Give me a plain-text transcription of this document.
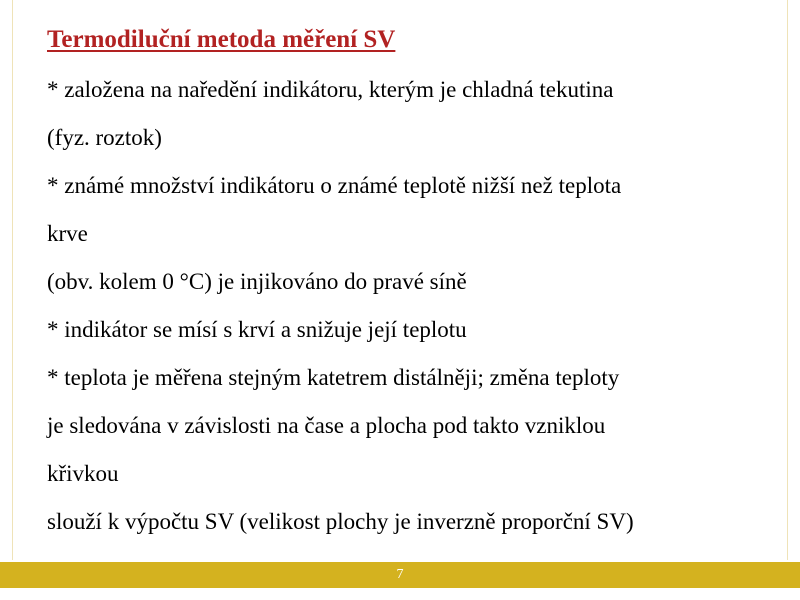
Termodiluční metoda měření SV
* založena na naředění indikátoru, kterým je chladná tekutina
(fyz. roztok)
* známé množství indikátoru o známé teplotě nižší než teplota
krve
(obv. kolem 0 °C) je injikováno do pravé síně
* indikátor se mísí s krví a snižuje její teplotu
* teplota je měřena stejným katetrem distálněji; změna teploty
je sledována v závislosti na čase a plocha pod takto vzniklou
křivkou
slouží k výpočtu SV (velikost plochy je inverzně proporční SV)
7
